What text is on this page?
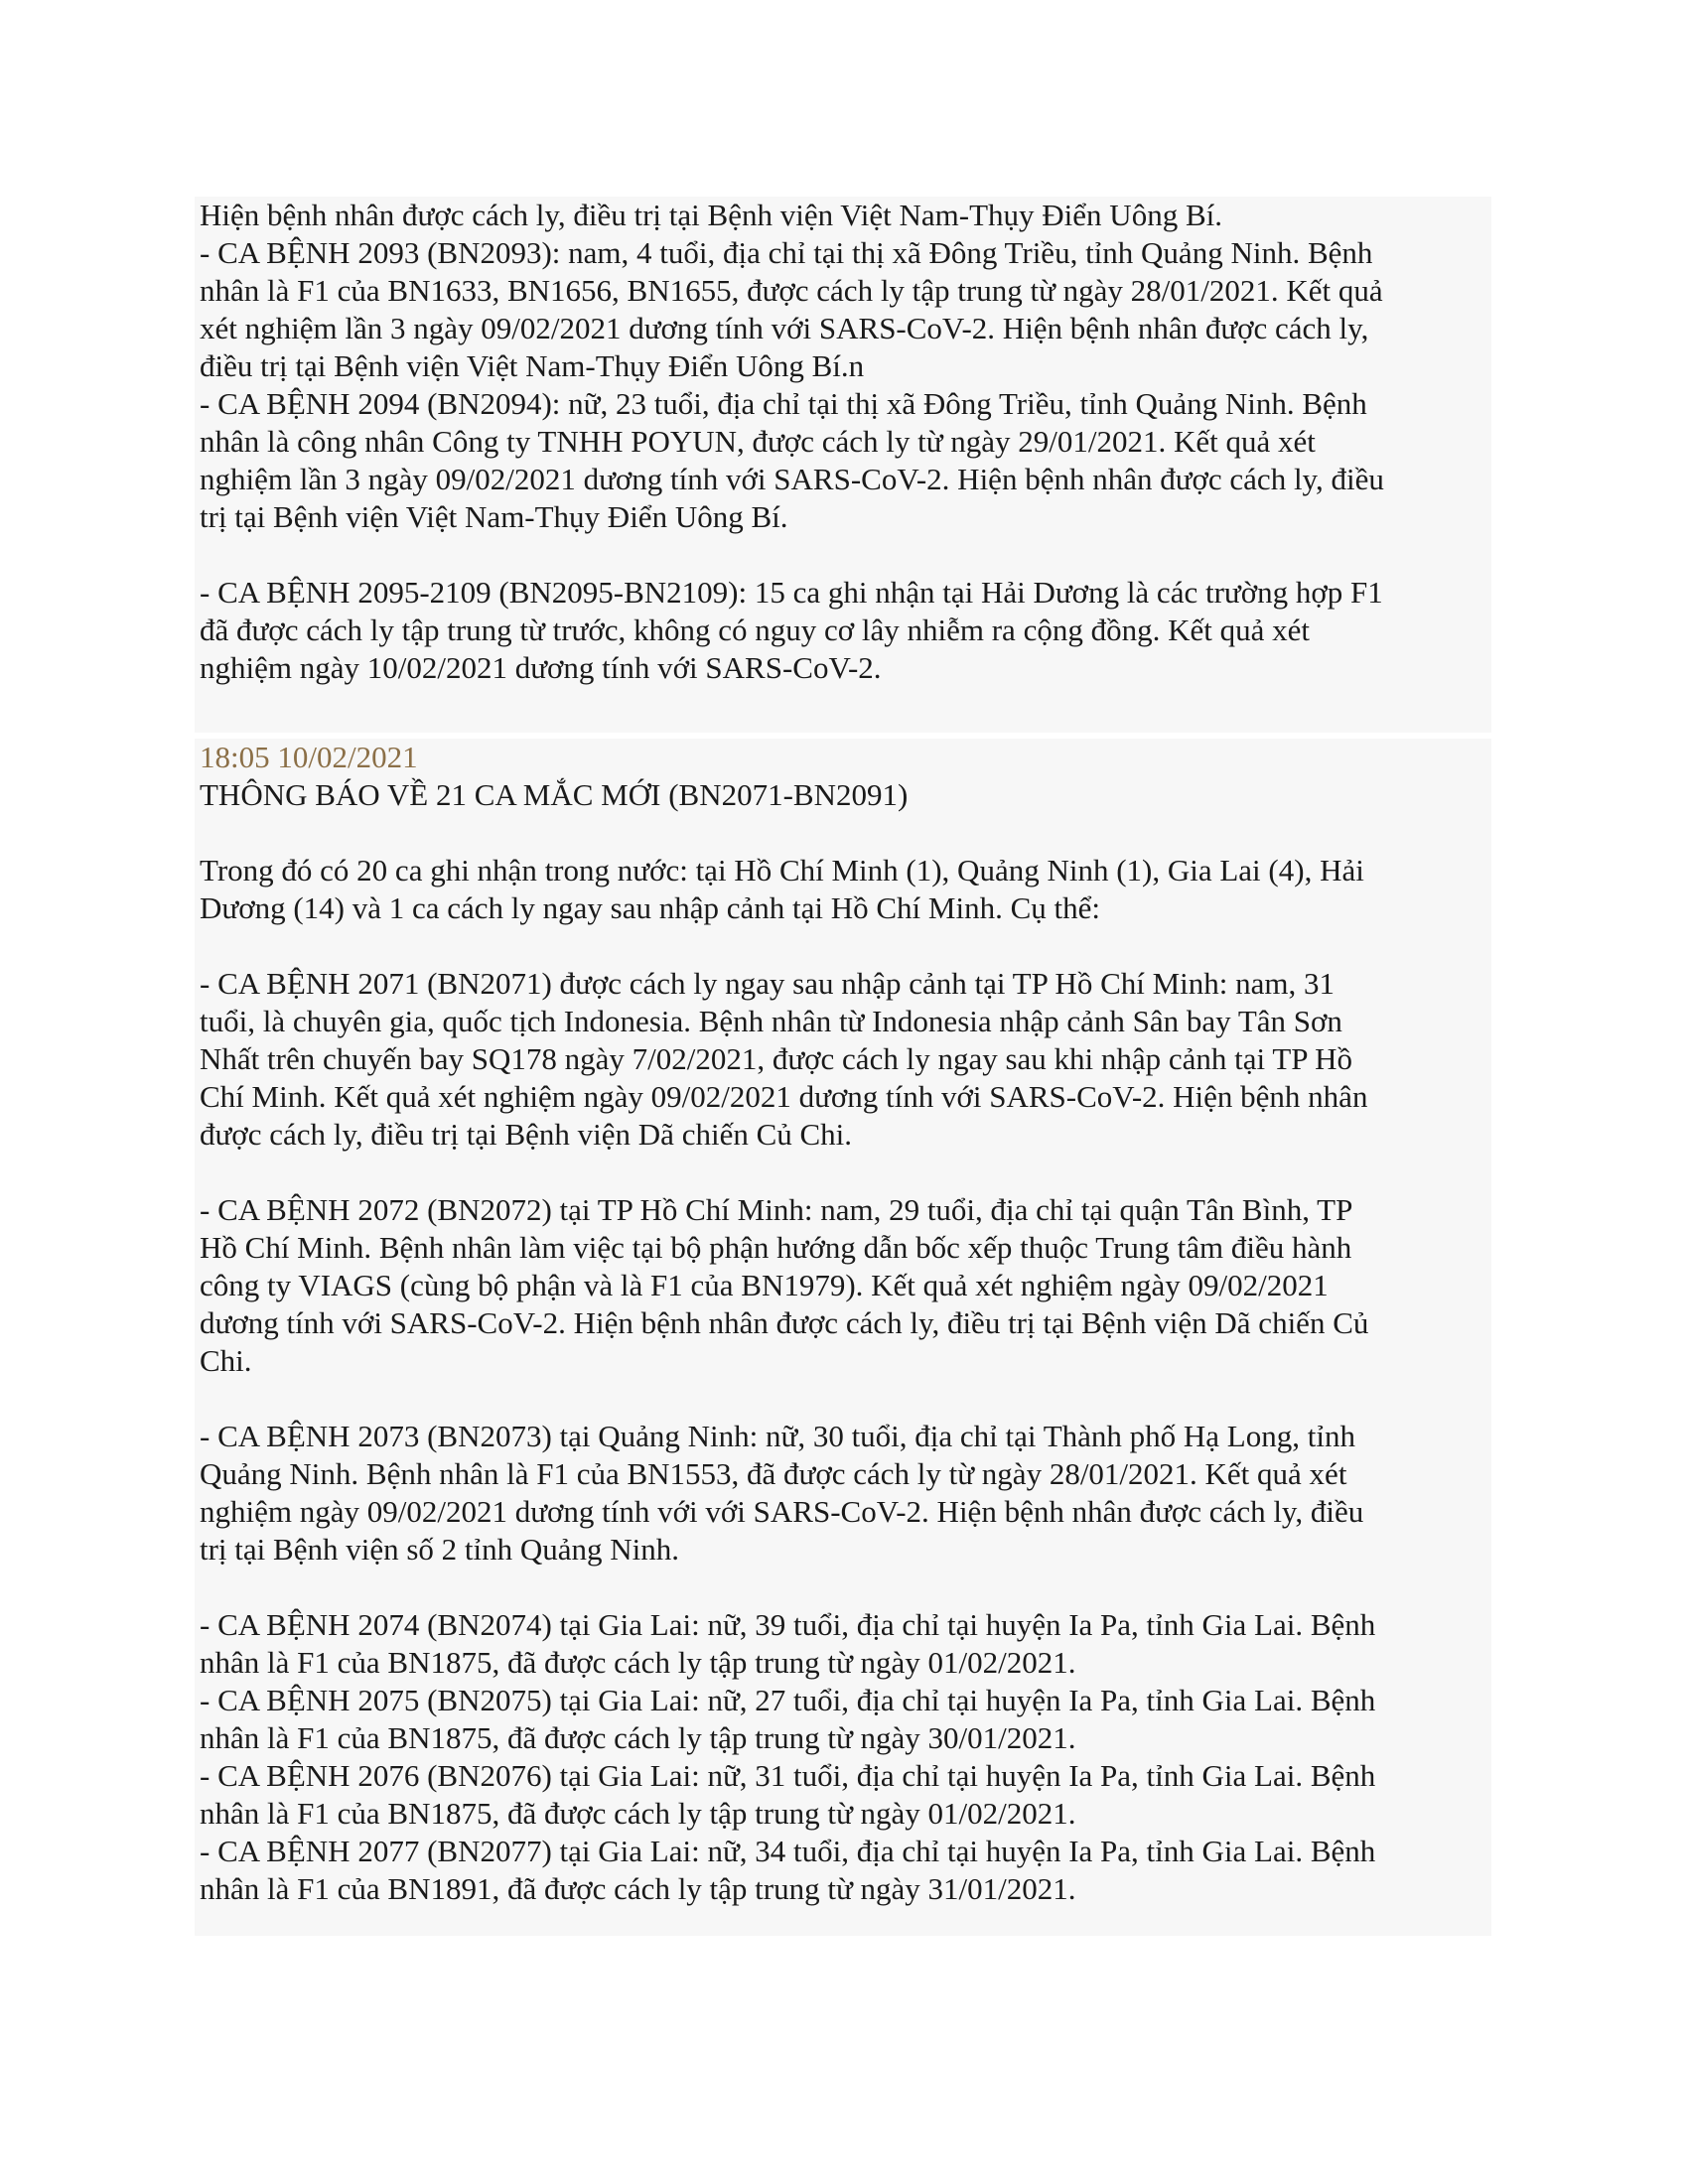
Hiện bệnh nhân được cách ly, điều trị tại Bệnh viện Việt Nam-Thụy Điển Uông Bí.
- CA BỆNH 2093 (BN2093): nam, 4 tuổi, địa chỉ tại thị xã Đông Triều, tỉnh Quảng Ninh. Bệnh
nhân là F1 của BN1633, BN1656, BN1655, được cách ly tập trung từ ngày 28/01/2021. Kết quả
xét nghiệm lần 3 ngày 09/02/2021 dương tính với SARS-CoV-2. Hiện bệnh nhân được cách ly,
điều trị tại Bệnh viện Việt Nam-Thụy Điển Uông Bí.n
- CA BỆNH 2094 (BN2094): nữ, 23 tuổi, địa chỉ tại thị xã Đông Triều, tỉnh Quảng Ninh. Bệnh
nhân là công nhân Công ty TNHH POYUN, được cách ly từ ngày 29/01/2021. Kết quả xét
nghiệm lần 3 ngày 09/02/2021 dương tính với SARS-CoV-2. Hiện bệnh nhân được cách ly, điều
trị tại Bệnh viện Việt Nam-Thụy Điển Uông Bí.
- CA BỆNH 2095-2109 (BN2095-BN2109): 15 ca ghi nhận tại Hải Dương là các trường hợp F1
đã được cách ly tập trung từ trước, không có nguy cơ lây nhiễm ra cộng đồng. Kết quả xét
nghiệm ngày 10/02/2021 dương tính với SARS-CoV-2.
18:05 10/02/2021
THÔNG BÁO VỀ 21 CA MẮC MỚI (BN2071-BN2091)
Trong đó có 20 ca ghi nhận trong nước: tại Hồ Chí Minh (1), Quảng Ninh (1), Gia Lai (4), Hải
Dương (14) và 1 ca cách ly ngay sau nhập cảnh tại Hồ Chí Minh. Cụ thể:
- CA BỆNH 2071 (BN2071) được cách ly ngay sau nhập cảnh tại TP Hồ Chí Minh: nam, 31
tuổi, là chuyên gia, quốc tịch Indonesia. Bệnh nhân từ Indonesia nhập cảnh Sân bay Tân Sơn
Nhất trên chuyến bay SQ178 ngày 7/02/2021, được cách ly ngay sau khi nhập cảnh tại TP Hồ
Chí Minh. Kết quả xét nghiệm ngày 09/02/2021 dương tính với SARS-CoV-2. Hiện bệnh nhân
được cách ly, điều trị tại Bệnh viện Dã chiến Củ Chi.
- CA BỆNH 2072 (BN2072) tại TP Hồ Chí Minh: nam, 29 tuổi, địa chỉ tại quận Tân Bình, TP
Hồ Chí Minh. Bệnh nhân làm việc tại bộ phận hướng dẫn bốc xếp thuộc Trung tâm điều hành
công ty VIAGS (cùng bộ phận và là F1 của BN1979). Kết quả xét nghiệm ngày 09/02/2021
dương tính với SARS-CoV-2. Hiện bệnh nhân được cách ly, điều trị tại Bệnh viện Dã chiến Củ
Chi.
- CA BỆNH 2073 (BN2073) tại Quảng Ninh: nữ, 30 tuổi, địa chỉ tại Thành phố Hạ Long, tỉnh
Quảng Ninh. Bệnh nhân là F1 của BN1553, đã được cách ly từ ngày 28/01/2021. Kết quả xét
nghiệm ngày 09/02/2021 dương tính với với SARS-CoV-2. Hiện bệnh nhân được cách ly, điều
trị tại Bệnh viện số 2 tỉnh Quảng Ninh.
- CA BỆNH 2074 (BN2074) tại Gia Lai: nữ, 39 tuổi, địa chỉ tại huyện Ia Pa, tỉnh Gia Lai. Bệnh
nhân là F1 của BN1875, đã được cách ly tập trung từ ngày 01/02/2021.
- CA BỆNH 2075 (BN2075) tại Gia Lai: nữ, 27 tuổi, địa chỉ tại huyện Ia Pa, tỉnh Gia Lai. Bệnh
nhân là F1 của BN1875, đã được cách ly tập trung từ ngày 30/01/2021.
- CA BỆNH 2076 (BN2076) tại Gia Lai: nữ, 31 tuổi, địa chỉ tại huyện Ia Pa, tỉnh Gia Lai. Bệnh
nhân là F1 của BN1875, đã được cách ly tập trung từ ngày 01/02/2021.
- CA BỆNH 2077 (BN2077) tại Gia Lai: nữ, 34 tuổi, địa chỉ tại huyện Ia Pa, tỉnh Gia Lai. Bệnh
nhân là F1 của BN1891, đã được cách ly tập trung từ ngày 31/01/2021.
